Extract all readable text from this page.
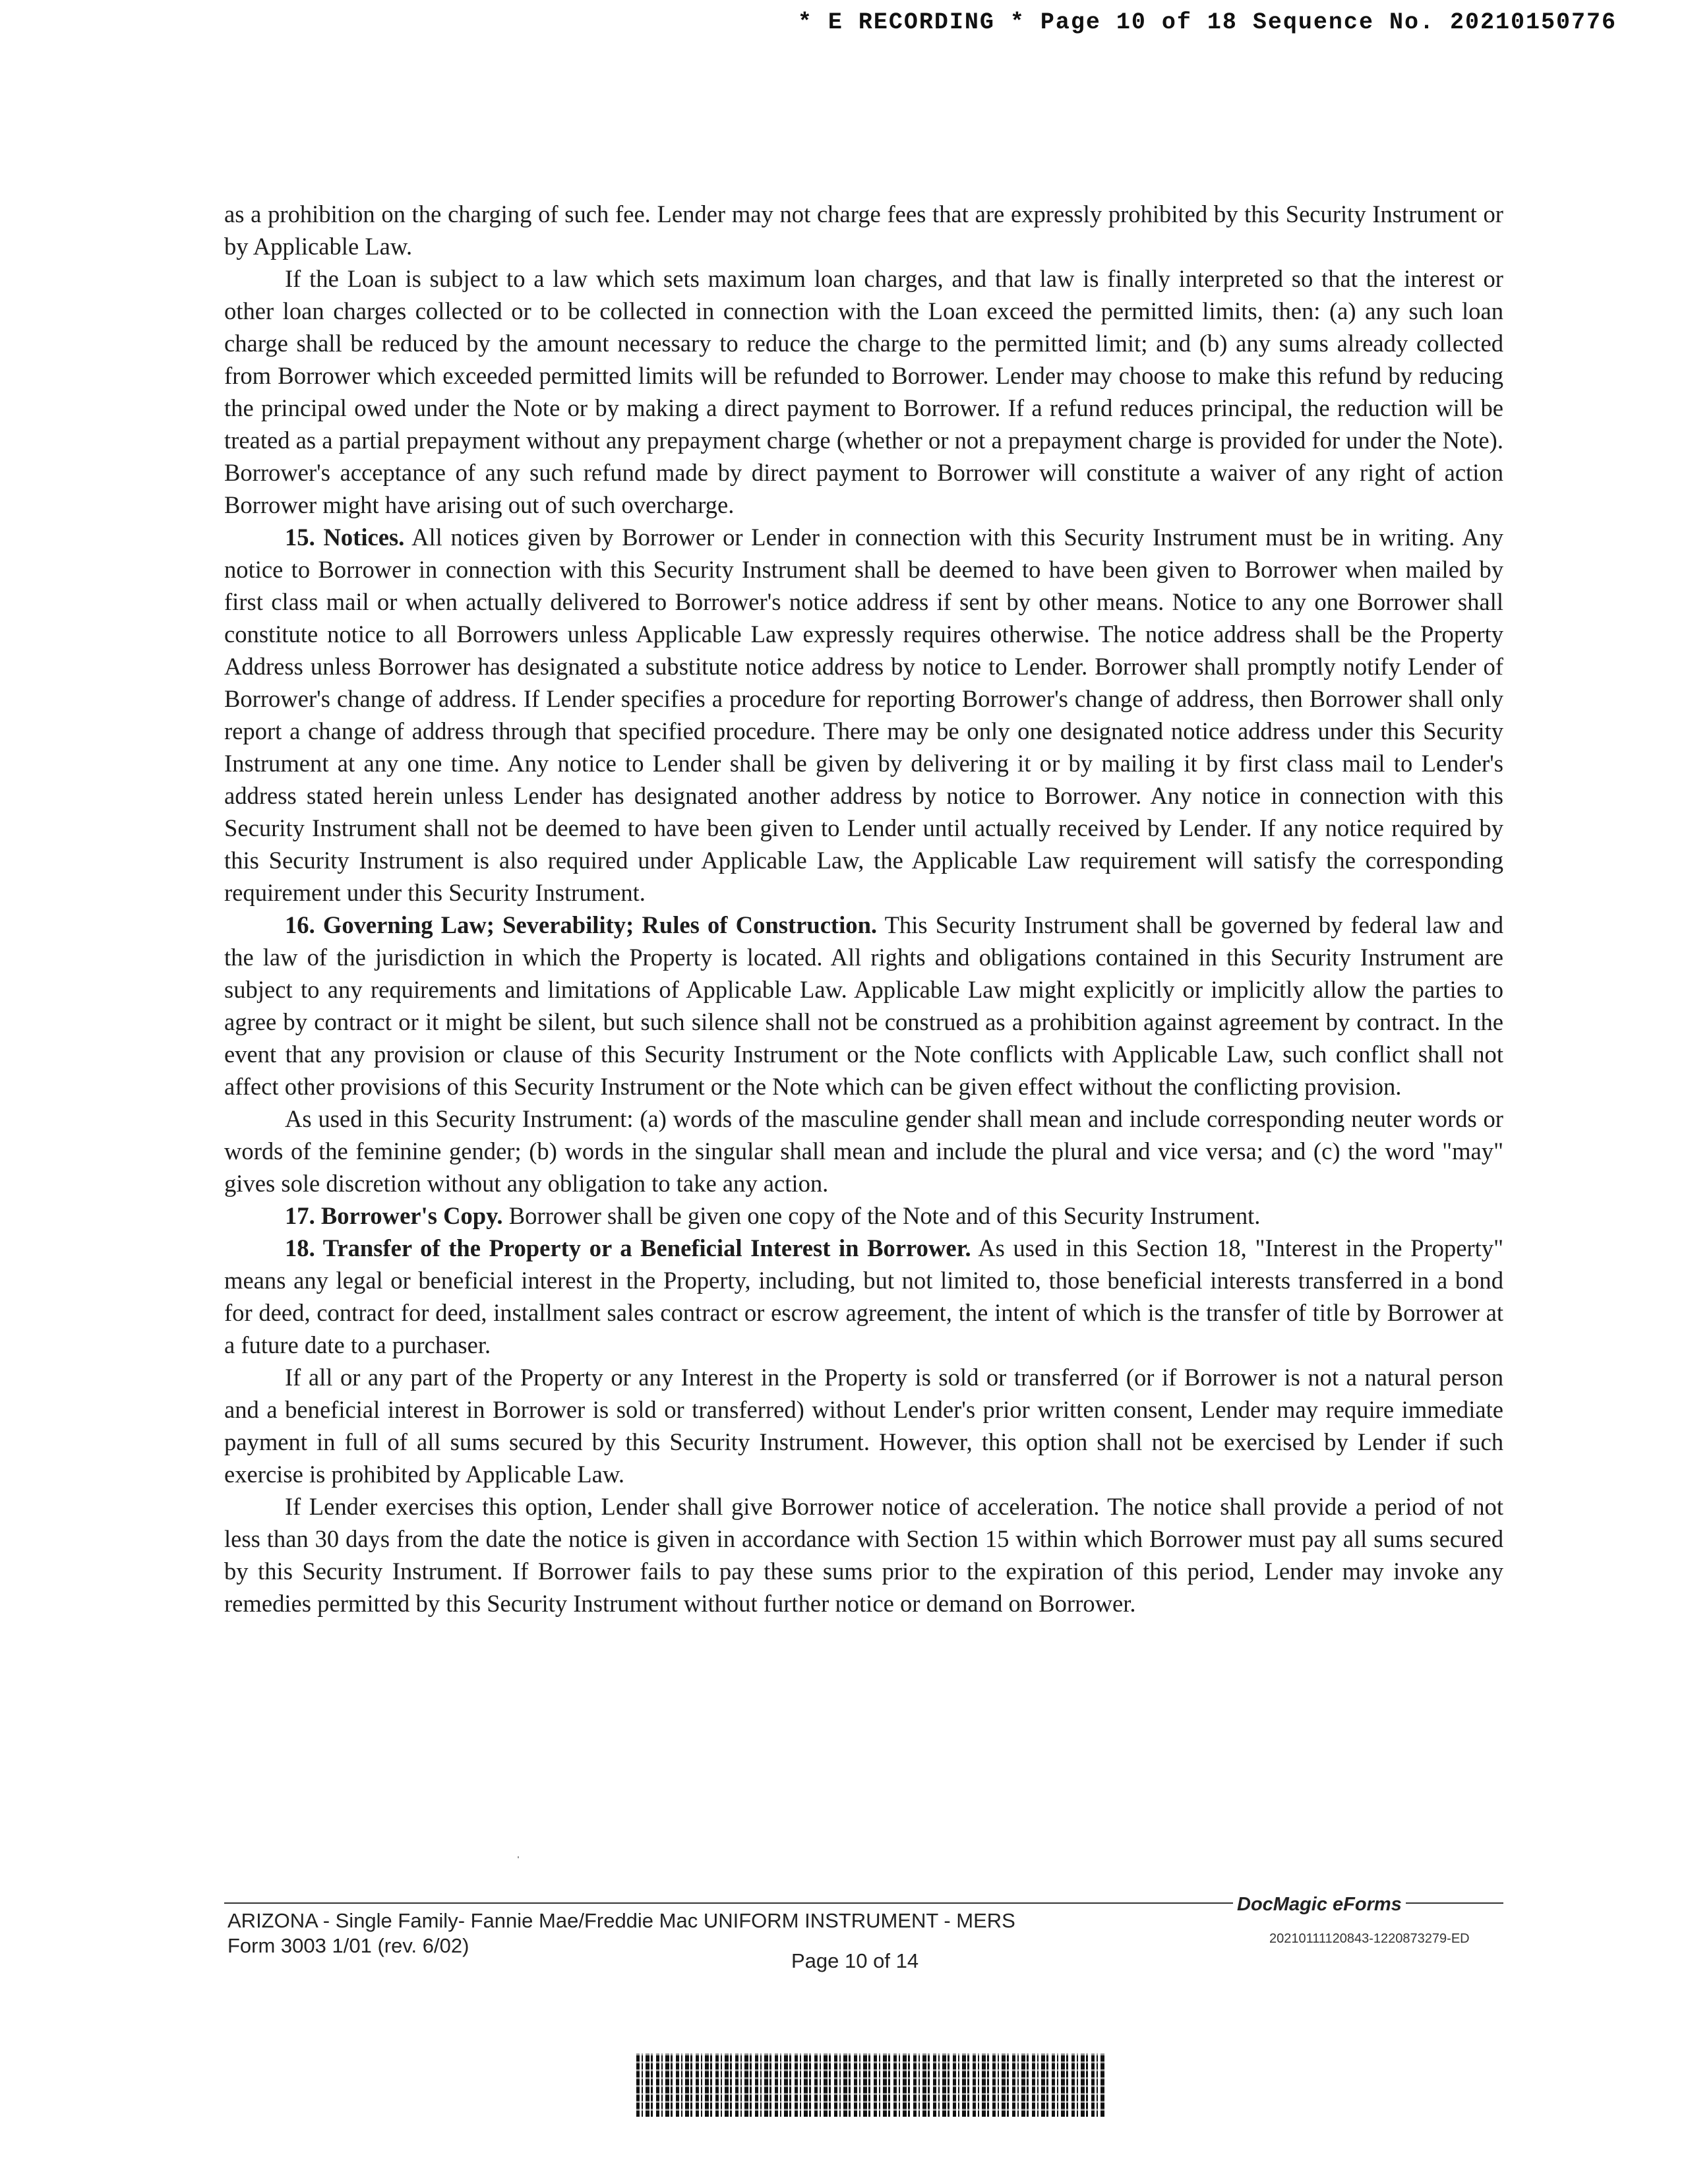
* E RECORDING * Page 10 of 18 Sequence No. 20210150776

as a prohibition on the charging of such fee. Lender may not charge fees that are expressly prohibited by this Security Instrument or by Applicable Law.

If the Loan is subject to a law which sets maximum loan charges, and that law is finally interpreted so that the interest or other loan charges collected or to be collected in connection with the Loan exceed the permitted limits, then: (a) any such loan charge shall be reduced by the amount necessary to reduce the charge to the permitted limit; and (b) any sums already collected from Borrower which exceeded permitted limits will be refunded to Borrower. Lender may choose to make this refund by reducing the principal owed under the Note or by making a direct payment to Borrower. If a refund reduces principal, the reduction will be treated as a partial prepayment without any prepayment charge (whether or not a prepayment charge is provided for under the Note). Borrower's acceptance of any such refund made by direct payment to Borrower will constitute a waiver of any right of action Borrower might have arising out of such overcharge.

15. Notices. All notices given by Borrower or Lender in connection with this Security Instrument must be in writing. Any notice to Borrower in connection with this Security Instrument shall be deemed to have been given to Borrower when mailed by first class mail or when actually delivered to Borrower's notice address if sent by other means. Notice to any one Borrower shall constitute notice to all Borrowers unless Applicable Law expressly requires otherwise. The notice address shall be the Property Address unless Borrower has designated a substitute notice address by notice to Lender. Borrower shall promptly notify Lender of Borrower's change of address. If Lender specifies a procedure for reporting Borrower's change of address, then Borrower shall only report a change of address through that specified procedure. There may be only one designated notice address under this Security Instrument at any one time. Any notice to Lender shall be given by delivering it or by mailing it by first class mail to Lender's address stated herein unless Lender has designated another address by notice to Borrower. Any notice in connection with this Security Instrument shall not be deemed to have been given to Lender until actually received by Lender. If any notice required by this Security Instrument is also required under Applicable Law, the Applicable Law requirement will satisfy the corresponding requirement under this Security Instrument.

16. Governing Law; Severability; Rules of Construction. This Security Instrument shall be governed by federal law and the law of the jurisdiction in which the Property is located. All rights and obligations contained in this Security Instrument are subject to any requirements and limitations of Applicable Law. Applicable Law might explicitly or implicitly allow the parties to agree by contract or it might be silent, but such silence shall not be construed as a prohibition against agreement by contract. In the event that any provision or clause of this Security Instrument or the Note conflicts with Applicable Law, such conflict shall not affect other provisions of this Security Instrument or the Note which can be given effect without the conflicting provision.

As used in this Security Instrument: (a) words of the masculine gender shall mean and include corresponding neuter words or words of the feminine gender; (b) words in the singular shall mean and include the plural and vice versa; and (c) the word "may" gives sole discretion without any obligation to take any action.

17. Borrower's Copy. Borrower shall be given one copy of the Note and of this Security Instrument.

18. Transfer of the Property or a Beneficial Interest in Borrower. As used in this Section 18, "Interest in the Property" means any legal or beneficial interest in the Property, including, but not limited to, those beneficial interests transferred in a bond for deed, contract for deed, installment sales contract or escrow agreement, the intent of which is the transfer of title by Borrower at a future date to a purchaser.

If all or any part of the Property or any Interest in the Property is sold or transferred (or if Borrower is not a natural person and a beneficial interest in Borrower is sold or transferred) without Lender's prior written consent, Lender may require immediate payment in full of all sums secured by this Security Instrument. However, this option shall not be exercised by Lender if such exercise is prohibited by Applicable Law.

If Lender exercises this option, Lender shall give Borrower notice of acceleration. The notice shall provide a period of not less than 30 days from the date the notice is given in accordance with Section 15 within which Borrower must pay all sums secured by this Security Instrument. If Borrower fails to pay these sums prior to the expiration of this period, Lender may invoke any remedies permitted by this Security Instrument without further notice or demand on Borrower.

DocMagic eForms
ARIZONA - Single Family- Fannie Mae/Freddie Mac UNIFORM INSTRUMENT - MERS
Form 3003 1/01 (rev. 6/02)
Page 10 of 14
20210111120843-1220873279-ED
